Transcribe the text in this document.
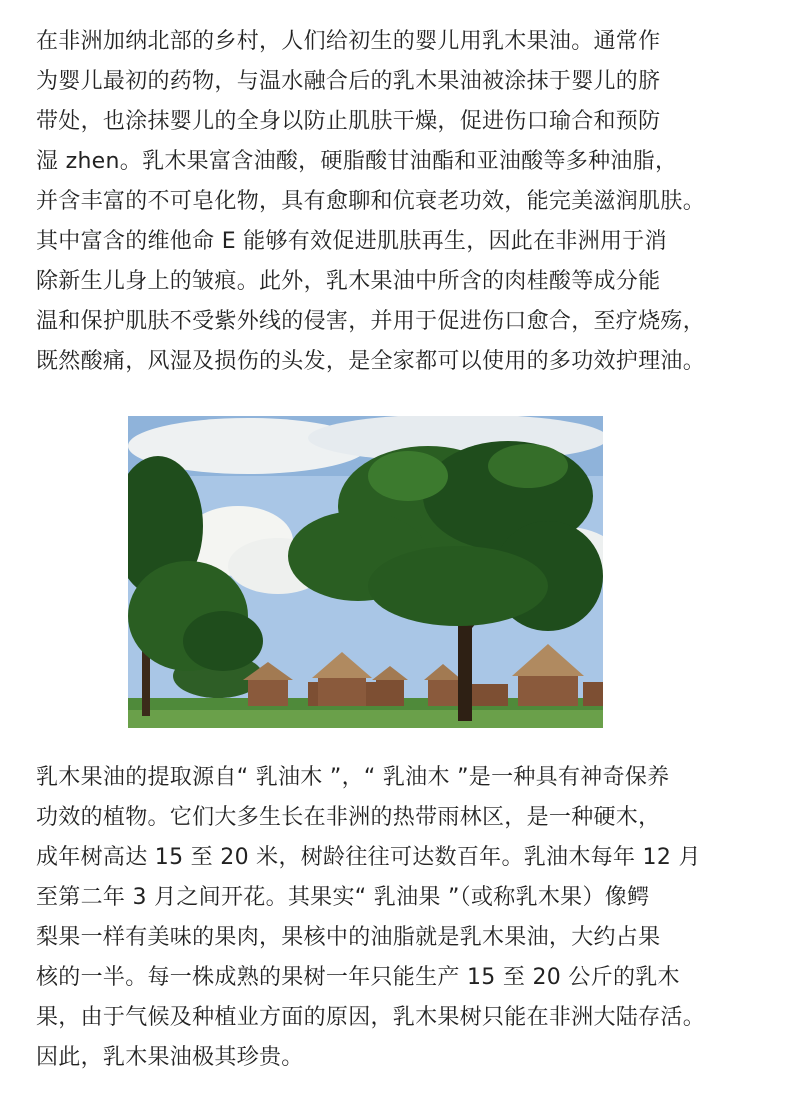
在非洲加纳北部的乡村，人们给初生的婴儿用乳木果油。通常作
为婴儿最初的药物，与温水融合后的乳木果油被涂抹于婴儿的脐
带处，也涂抹婴儿的全身以防止肌肤干燥，促进伤口瑜合和预防
湿 zhen。乳木果富含油酸，硬脂酸甘油酯和亚油酸等多种油脂，
并含丰富的不可皂化物，具有愈聊和伉衰老功效，能完美滋润肌肤。
其中富含的维他命 E 能够有效促进肌肤再生，因此在非洲用于消
除新生儿身上的皱痕。此外，乳木果油中所含的肉桂酸等成分能
温和保护肌肤不受紫外线的侵害，并用于促进伤口愈合，至疗烧殇，
既然酸痛，风湿及损伤的头发，是全家都可以使用的多功效护理油。
乳木果油的提取源自“ 乳油木 ”，“ 乳油木 ”是一种具有神奇保养
功效的植物。它们大多生长在非洲的热带雨林区，是一种硬木，
成年树高达 15 至 20 米，树龄往往可达数百年。乳油木每年 12 月
至第二年 3 月之间开花。其果实“ 乳油果 ”（或称乳木果）像鳄
梨果一样有美味的果肉，果核中的油脂就是乳木果油，大约占果
核的一半。每一株成熟的果树一年只能生产 15 至 20 公斤的乳木
果，由于气候及种植业方面的原因，乳木果树只能在非洲大陆存活。
因此，乳木果油极其珍贵。
